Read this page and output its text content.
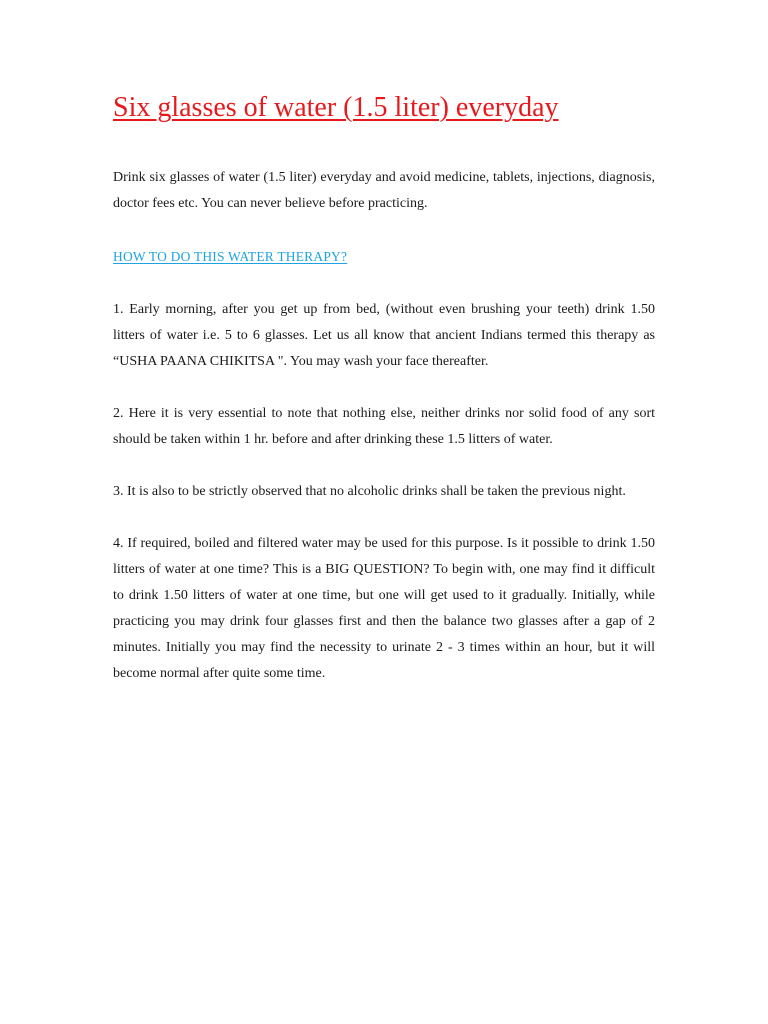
Six glasses of water (1.5 liter) everyday

Drink six glasses of water (1.5 liter) everyday and avoid medicine, tablets, injections, diagnosis, doctor fees etc. You can never believe before practicing.

HOW TO DO THIS WATER THERAPY?

1. Early morning, after you get up from bed, (without even brushing your teeth) drink 1.50 litters of water i.e. 5 to 6 glasses. Let us all know that ancient Indians termed this therapy as “USHA PAANA CHIKITSA ". You may wash your face thereafter.

2. Here it is very essential to note that nothing else, neither drinks nor solid food of any sort should be taken within 1 hr. before and after drinking these 1.5 litters of water.

3. It is also to be strictly observed that no alcoholic drinks shall be taken the previous night.

4. If required, boiled and filtered water may be used for this purpose. Is it possible to drink 1.50 litters of water at one time? This is a BIG QUESTION? To begin with, one may find it difficult to drink 1.50 litters of water at one time, but one will get used to it gradually. Initially, while practicing you may drink four glasses first and then the balance two glasses after a gap of 2 minutes. Initially you may find the necessity to urinate 2 - 3 times within an hour, but it will become normal after quite some time.
